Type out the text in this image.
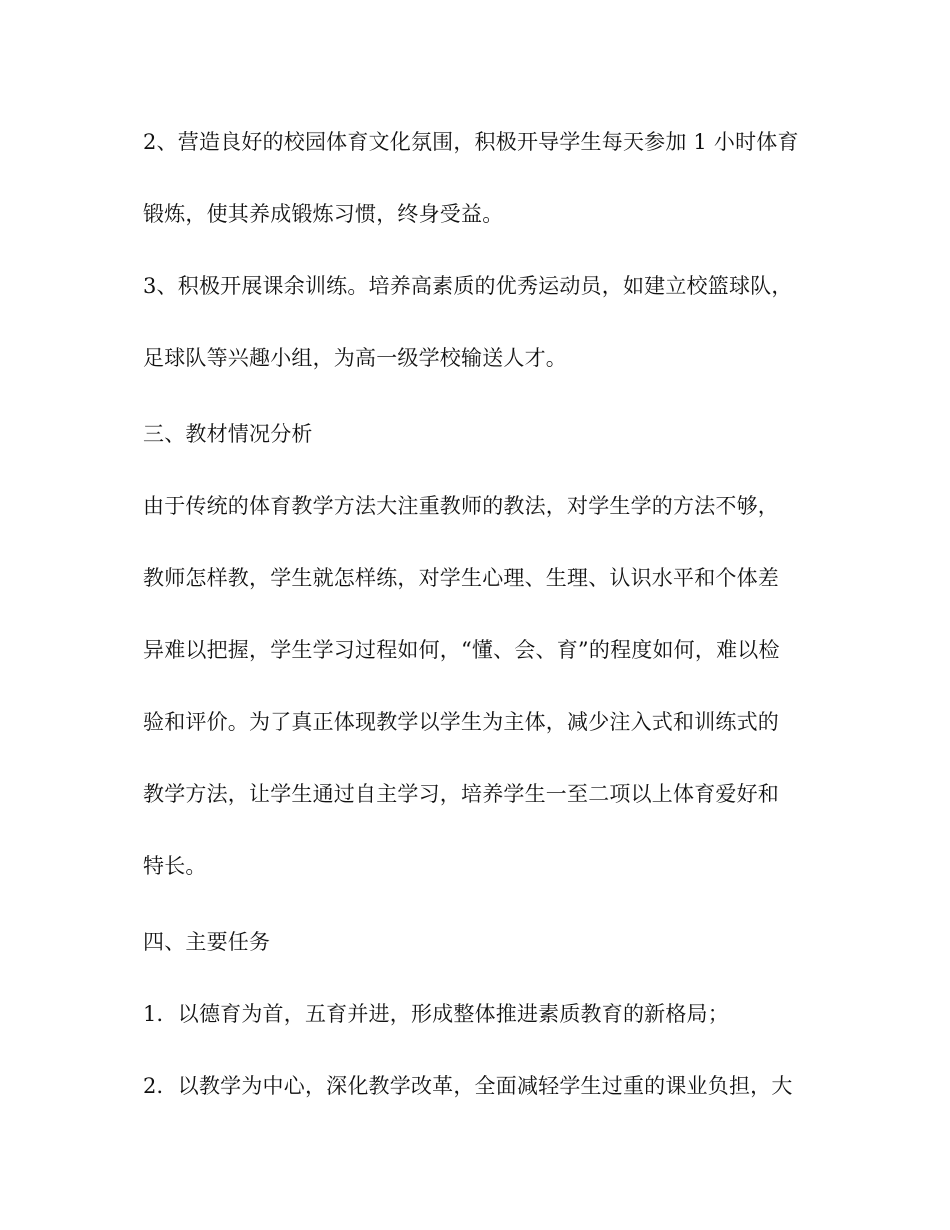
2、营造良好的校园体育文化氛围，积极开导学生每天参加 1 小时体育
锻炼，使其养成锻炼习惯，终身受益。
3、积极开展课余训练。培养高素质的优秀运动员，如建立校篮球队，
足球队等兴趣小组，为高一级学校输送人才。
三、教材情况分析
由于传统的体育教学方法大注重教师的教法，对学生学的方法不够，
教师怎样教，学生就怎样练，对学生心理、生理、认识水平和个体差
异难以把握，学生学习过程如何，“懂、会、育”的程度如何，难以检
验和评价。为了真正体现教学以学生为主体，减少注入式和训练式的
教学方法，让学生通过自主学习，培养学生一至二项以上体育爱好和
特长。
四、主要任务
1．以德育为首，五育并进，形成整体推进素质教育的新格局；
2．以教学为中心，深化教学改革，全面减轻学生过重的课业负担，大
